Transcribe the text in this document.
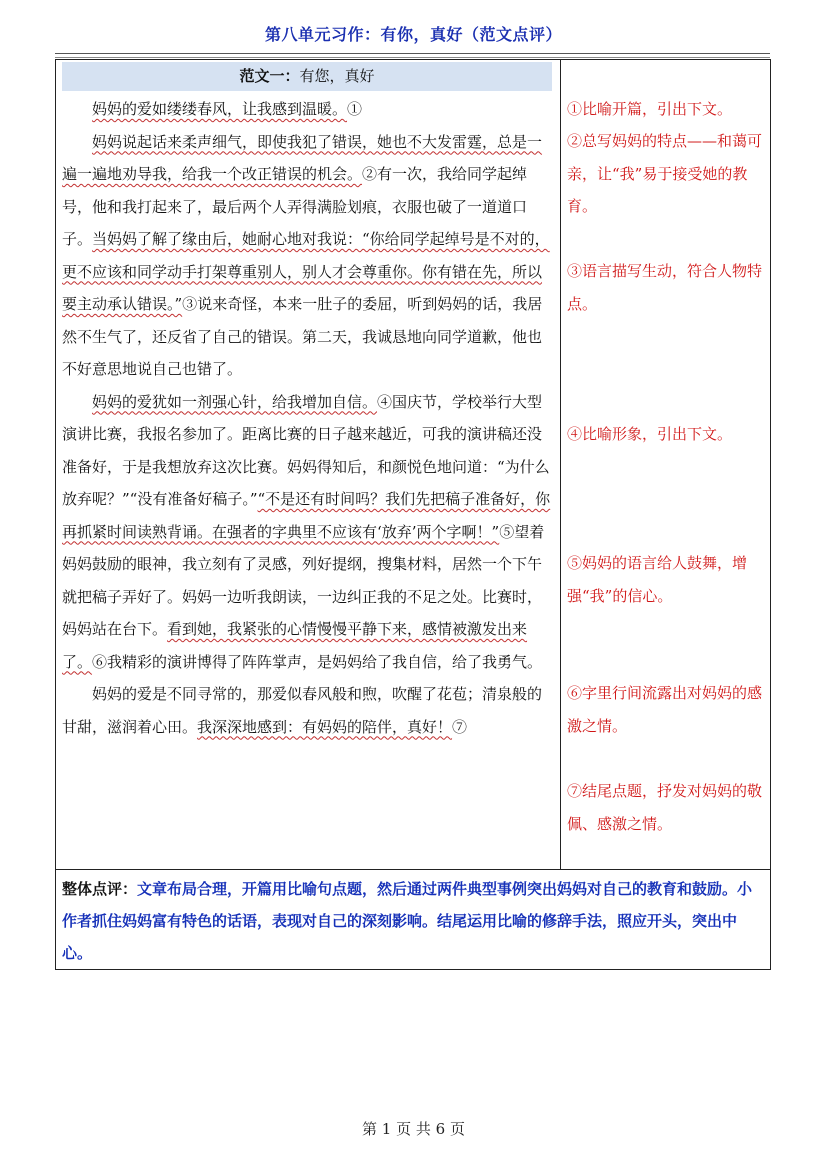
第八单元习作：有你，真好（范文点评）
范文一：有您，真好

妈妈的爱如缕缕春风，让我感到温暖。①

妈妈说起话来柔声细气，即使我犯了错误，她也不大发雷霆，总是一遍一遍地劝导我，给我一个改正错误的机会。②有一次，我给同学起绰号，他和我打起来了，最后两个人弄得满脸划痕，衣服也破了一道道口子。当妈妈了解了缘由后，她耐心地对我说：“你给同学起绰号是不对的，更不应该和同学动手打架尊重别人，别人才会尊重你。你有错在先，所以要主动承认错误。”③说来奇怪，本来一肚子的委屈，听到妈妈的话，我居然不生气了，还反省了自己的错误。第二天，我诚恳地向同学道歉，他也不好意思地说自己也错了。

妈妈的爱犹如一剂强心针，给我增加自信。④国庆节，学校举行大型演讲比赛，我报名参加了。距离比赛的日子越来越近，可我的演讲稿还没准备好，于是我想放弃这次比赛。妈妈得知后，和颜悦色地问道：“为什么放弃呢？”“没有准备好稿子。”“不是还有时间吗？我们先把稿子准备好，你再抓紧时间读熟背诵。在强者的字典里不应该有‘放弃’两个字啊！”⑤望着妈妈鼓励的眼神，我立刻有了灵感，列好提纲，搜集材料，居然一个下午就把稿子弄好了。妈妈一边听我朗读，一边纠正我的不足之处。比赛时，妈妈站在台下。看到她，我紧张的心情慢慢平静下来，感情被激发出来了。⑥我精彩的演讲博得了阵阵掌声，是妈妈给了我自信，给了我勇气。

妈妈的爱是不同寻常的，那爱似春风般和煦，吹醒了花苞；清泉般的甘甜，滋润着心田。我深深地感到：有妈妈的陪伴，真好！⑦

①比喻开篇，引出下文。
②总写妈妈的特点——和蔼可亲，让“我”易于接受她的教育。
③语言描写生动，符合人物特点。
④比喻形象，引出下文。
⑤妈妈的语言给人鼓舞，增强“我”的信心。
⑥字里行间流露出对妈妈的感激之情。
⑦结尾点题，抒发对妈妈的敬佩、感激之情。
整体点评：文章布局合理，开篇用比喻句点题，然后通过两件典型事例突出妈妈对自己的教育和鼓励。小作者抓住妈妈富有特色的话语，表现对自己的深刻影响。结尾运用比喻的修辞手法，照应开头，突出中心。
第 1 页 共 6 页
